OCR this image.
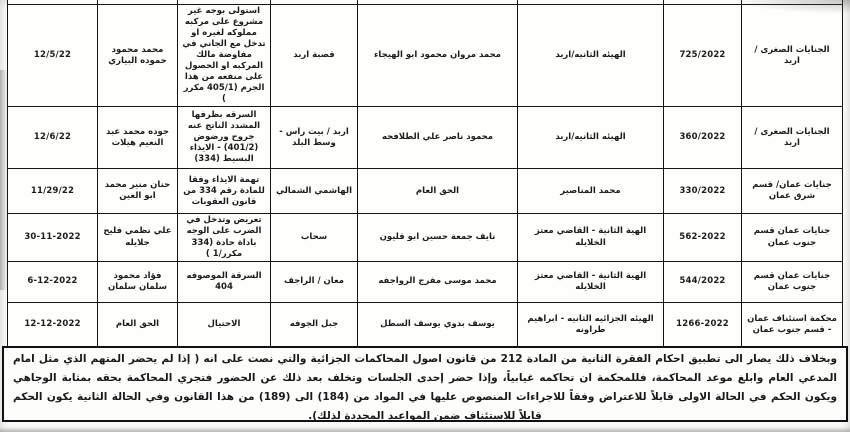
الجنايات الصغرى / اربد	725/2022	الهيئه الثانيه/اربد	محمد مروان محمود ابو الهيجاء	قصبة اربد	استولى بوجه غير مشروع على مركبه مملوكه لغيره او تدخل مع الجاني في مفاوضة مالك المركبه او الحصول على منفعه من هذا الجرم (405/1 مكرر )	محمد محمود حموده البياري	12/5/22
الجنايات الصغرى / اربد	360/2022	الهيئه الثانيه/اربد	محمود ناصر علي الطلافحه	اربد / بيت راس - وسط البلد	السرقه بظرفها المشدد الناتج عنه جروح ورضوض (401/2) - الايذاء البسيط (334)	جوده محمد عبد النعيم هيلات	12/6/22
جنايات عمان/ قسم شرق عمان	330/2022	محمد المناصير	الحق العام	الهاشمي الشمالي	تهمة الايذاء وفقا للمادة رقم 334 من قانون العقوبات	حنان منير محمد ابو العين	11/29/22
جنايات عمان قسم جنوب عمان	562-2022	الهية الثانية - القاضي معتز الخلايله	نايف جمعة حسين ابو قليون	سحاب	تعريض وتدخل في الضرب على الوجه باداة حادة (334 مكرر/1 )	علي نظمي فليح جلايله	30-11-2022
جنايات عمان قسم جنوب عمان	544/2022	الهية الثانية - القاضي معتز الخلايله	محمد موسى مفرج الرواجفه	معان / الراجف	السرقة الموصوفه 404	فؤاد محمود سلمان سلمان	6-12-2022
محكمة استئناف عمان - قسم جنوب عمان	1266-2022	الهيئه الجزائيه الثانيه - ابراهيم طراونه	يوسف بدوي يوسف السطل	جبل الجوفه	الاحتيال	الحق العام	12-12-2022
وبخلاف ذلك يصار الى تطبيق احكام الفقرة الثانية من المادة 212 من قانون اصول المحاكمات الجزائية والتي نصت على انه ( إذا لم يحضر المتهم الذي مثل امام المدعي العام وابلغ موعد المحاكمة، فللمحكمة ان تحاكمه غيابياً، وإذا حضر إحدى الجلسات وتخلف بعد ذلك عن الحضور فتجري المحاكمة بحقه بمثابة الوجاهي ويكون الحكم في الحالة الاولى قابلاً للاعتراض وفقاً للاجراءات المنصوص عليها في المواد من (184) الى (189) من هذا القانون وفي الحالة الثانية يكون الحكم قابلاً للاستئناف ضمن المواعيد المحددة لذلك).
